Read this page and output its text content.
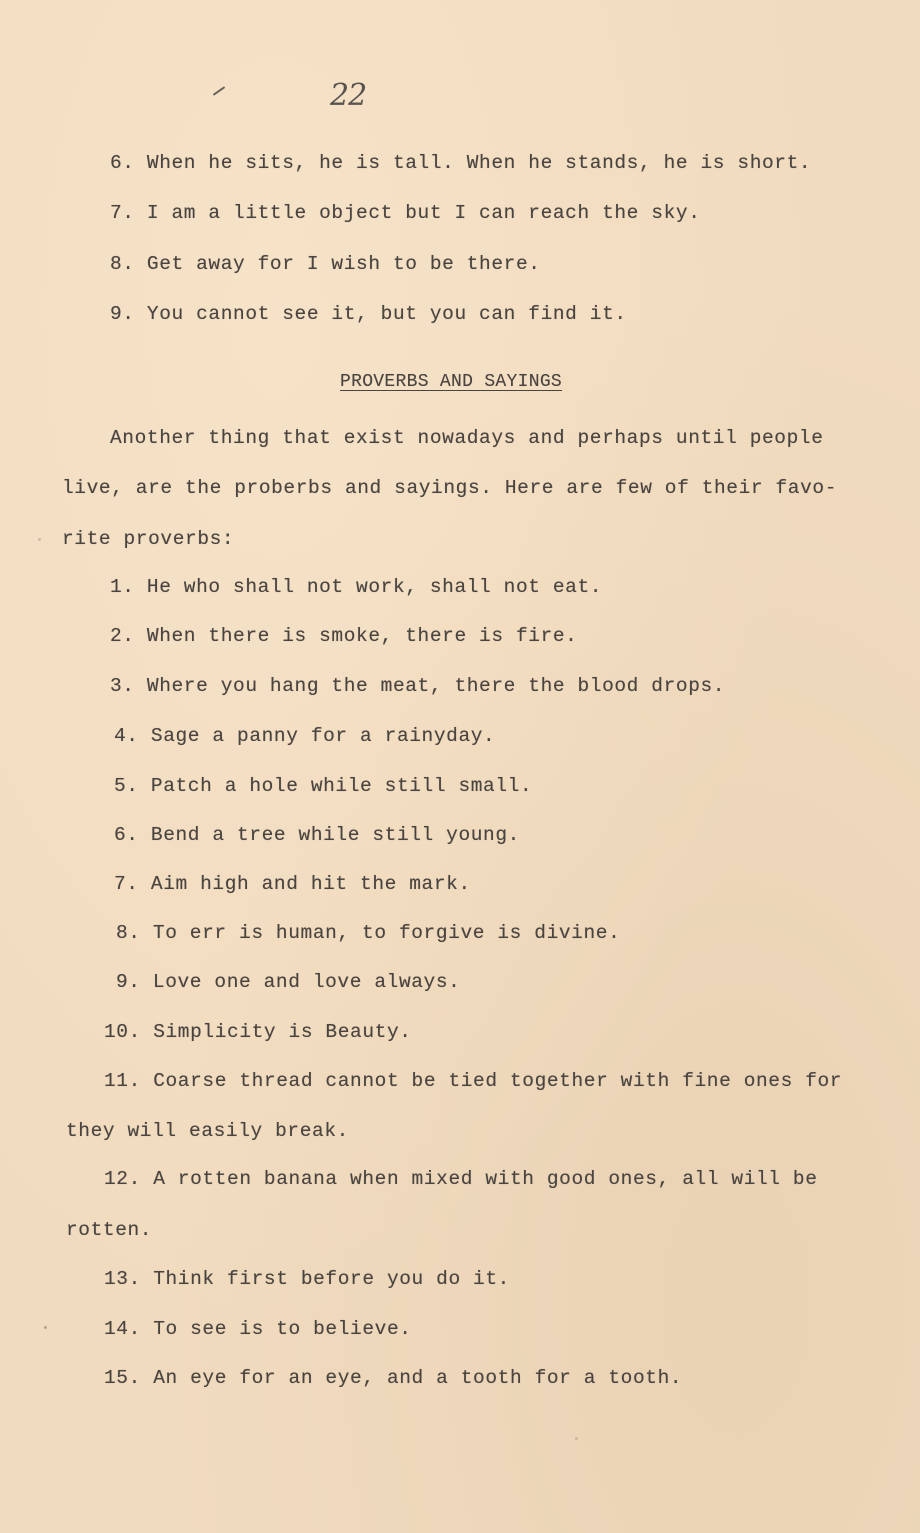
22
6. When he sits, he is tall. When he stands, he is short.
7. I am a little object but I can reach the sky.
8. Get away for I wish to be there.
9. You cannot see it, but you can find it.
PROVERBS AND SAYINGS
Another thing that exist nowadays and perhaps until people
live, are the proberbs and sayings. Here are few of their favo-
rite proverbs:
1. He who shall not work, shall not eat.
2. When there is smoke, there is fire.
3. Where you hang the meat, there the blood drops.
4. Sage a panny for a rainyday.
5. Patch a hole while still small.
6. Bend a tree while still young.
7. Aim high and hit the mark.
8. To err is human, to forgive is divine.
9. Love one and love always.
10. Simplicity is Beauty.
11. Coarse thread cannot be tied together with fine ones for
they will easily break.
12. A rotten banana when mixed with good ones, all will be
rotten.
13. Think first before you do it.
14. To see is to believe.
15. An eye for an eye, and a tooth for a tooth.
